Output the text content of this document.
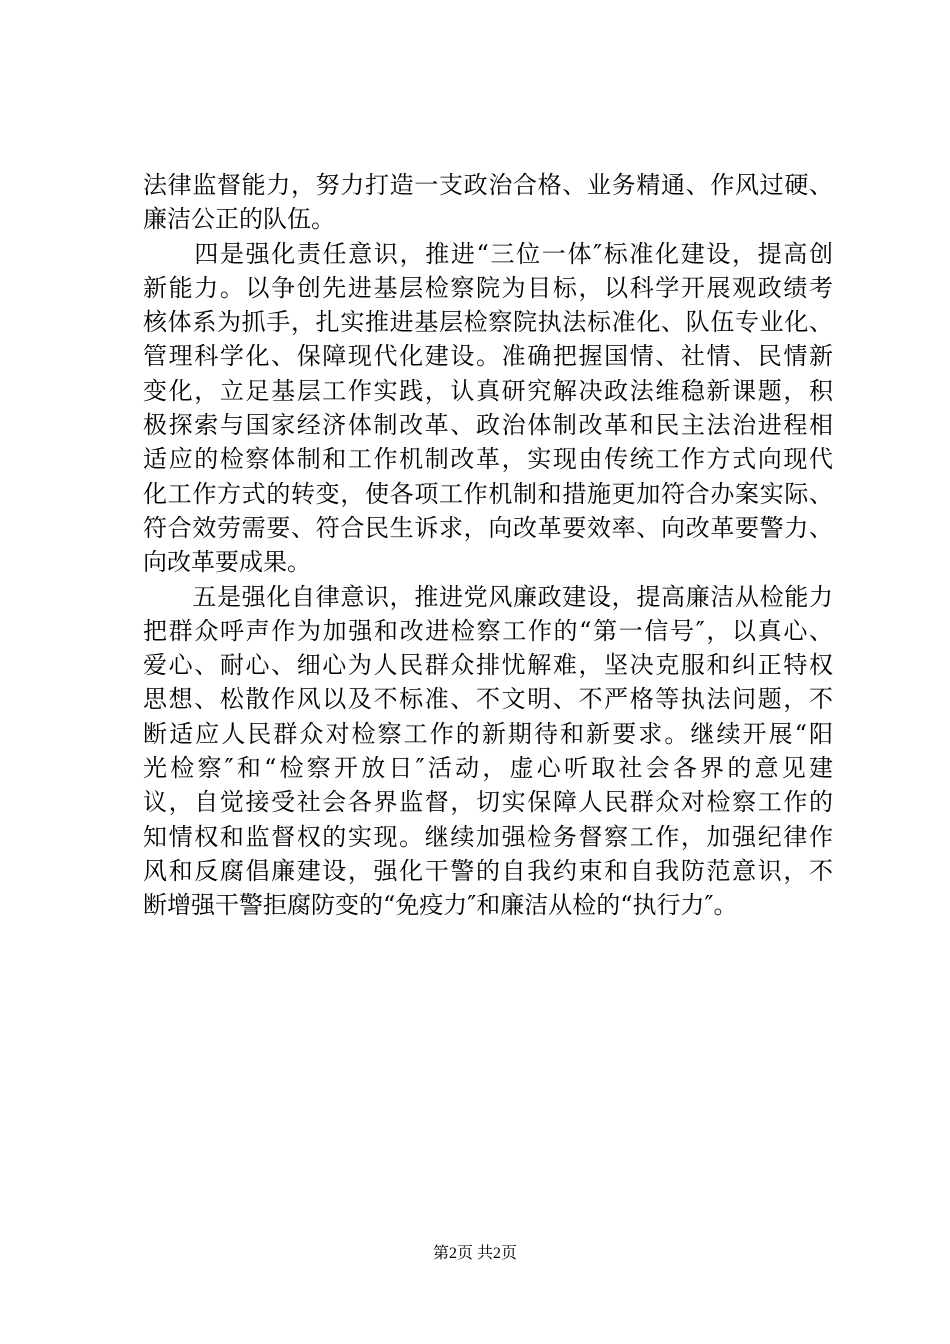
法律监督能力，努力打造一支政治合格、业务精通、作风过硬、
廉洁公正的队伍。
　　四是强化责任意识，推进“三位一体″标准化建设，提高创
新能力。以争创先进基层检察院为目标，以科学开展观政绩考
核体系为抓手，扎实推进基层检察院执法标准化、队伍专业化、
管理科学化、保障现代化建设。准确把握国情、社情、民情新
变化，立足基层工作实践，认真研究解决政法维稳新课题，积
极探索与国家经济体制改革、政治体制改革和民主法治进程相
适应的检察体制和工作机制改革，实现由传统工作方式向现代
化工作方式的转变，使各项工作机制和措施更加符合办案实际、
符合效劳需要、符合民生诉求，向改革要效率、向改革要警力、
向改革要成果。
　　五是强化自律意识，推进党风廉政建设，提高廉洁从检能力
把群众呼声作为加强和改进检察工作的“第一信号″，以真心、
爱心、耐心、细心为人民群众排忧解难，坚决克服和纠正特权
思想、松散作风以及不标准、不文明、不严格等执法问题，不
断适应人民群众对检察工作的新期待和新要求。继续开展“阳
光检察″和“检察开放日″活动，虚心听取社会各界的意见建
议，自觉接受社会各界监督，切实保障人民群众对检察工作的
知情权和监督权的实现。继续加强检务督察工作，加强纪律作
风和反腐倡廉建设，强化干警的自我约束和自我防范意识，不
断增强干警拒腐防变的“免疫力″和廉洁从检的“执行力″。
第2页 共2页
